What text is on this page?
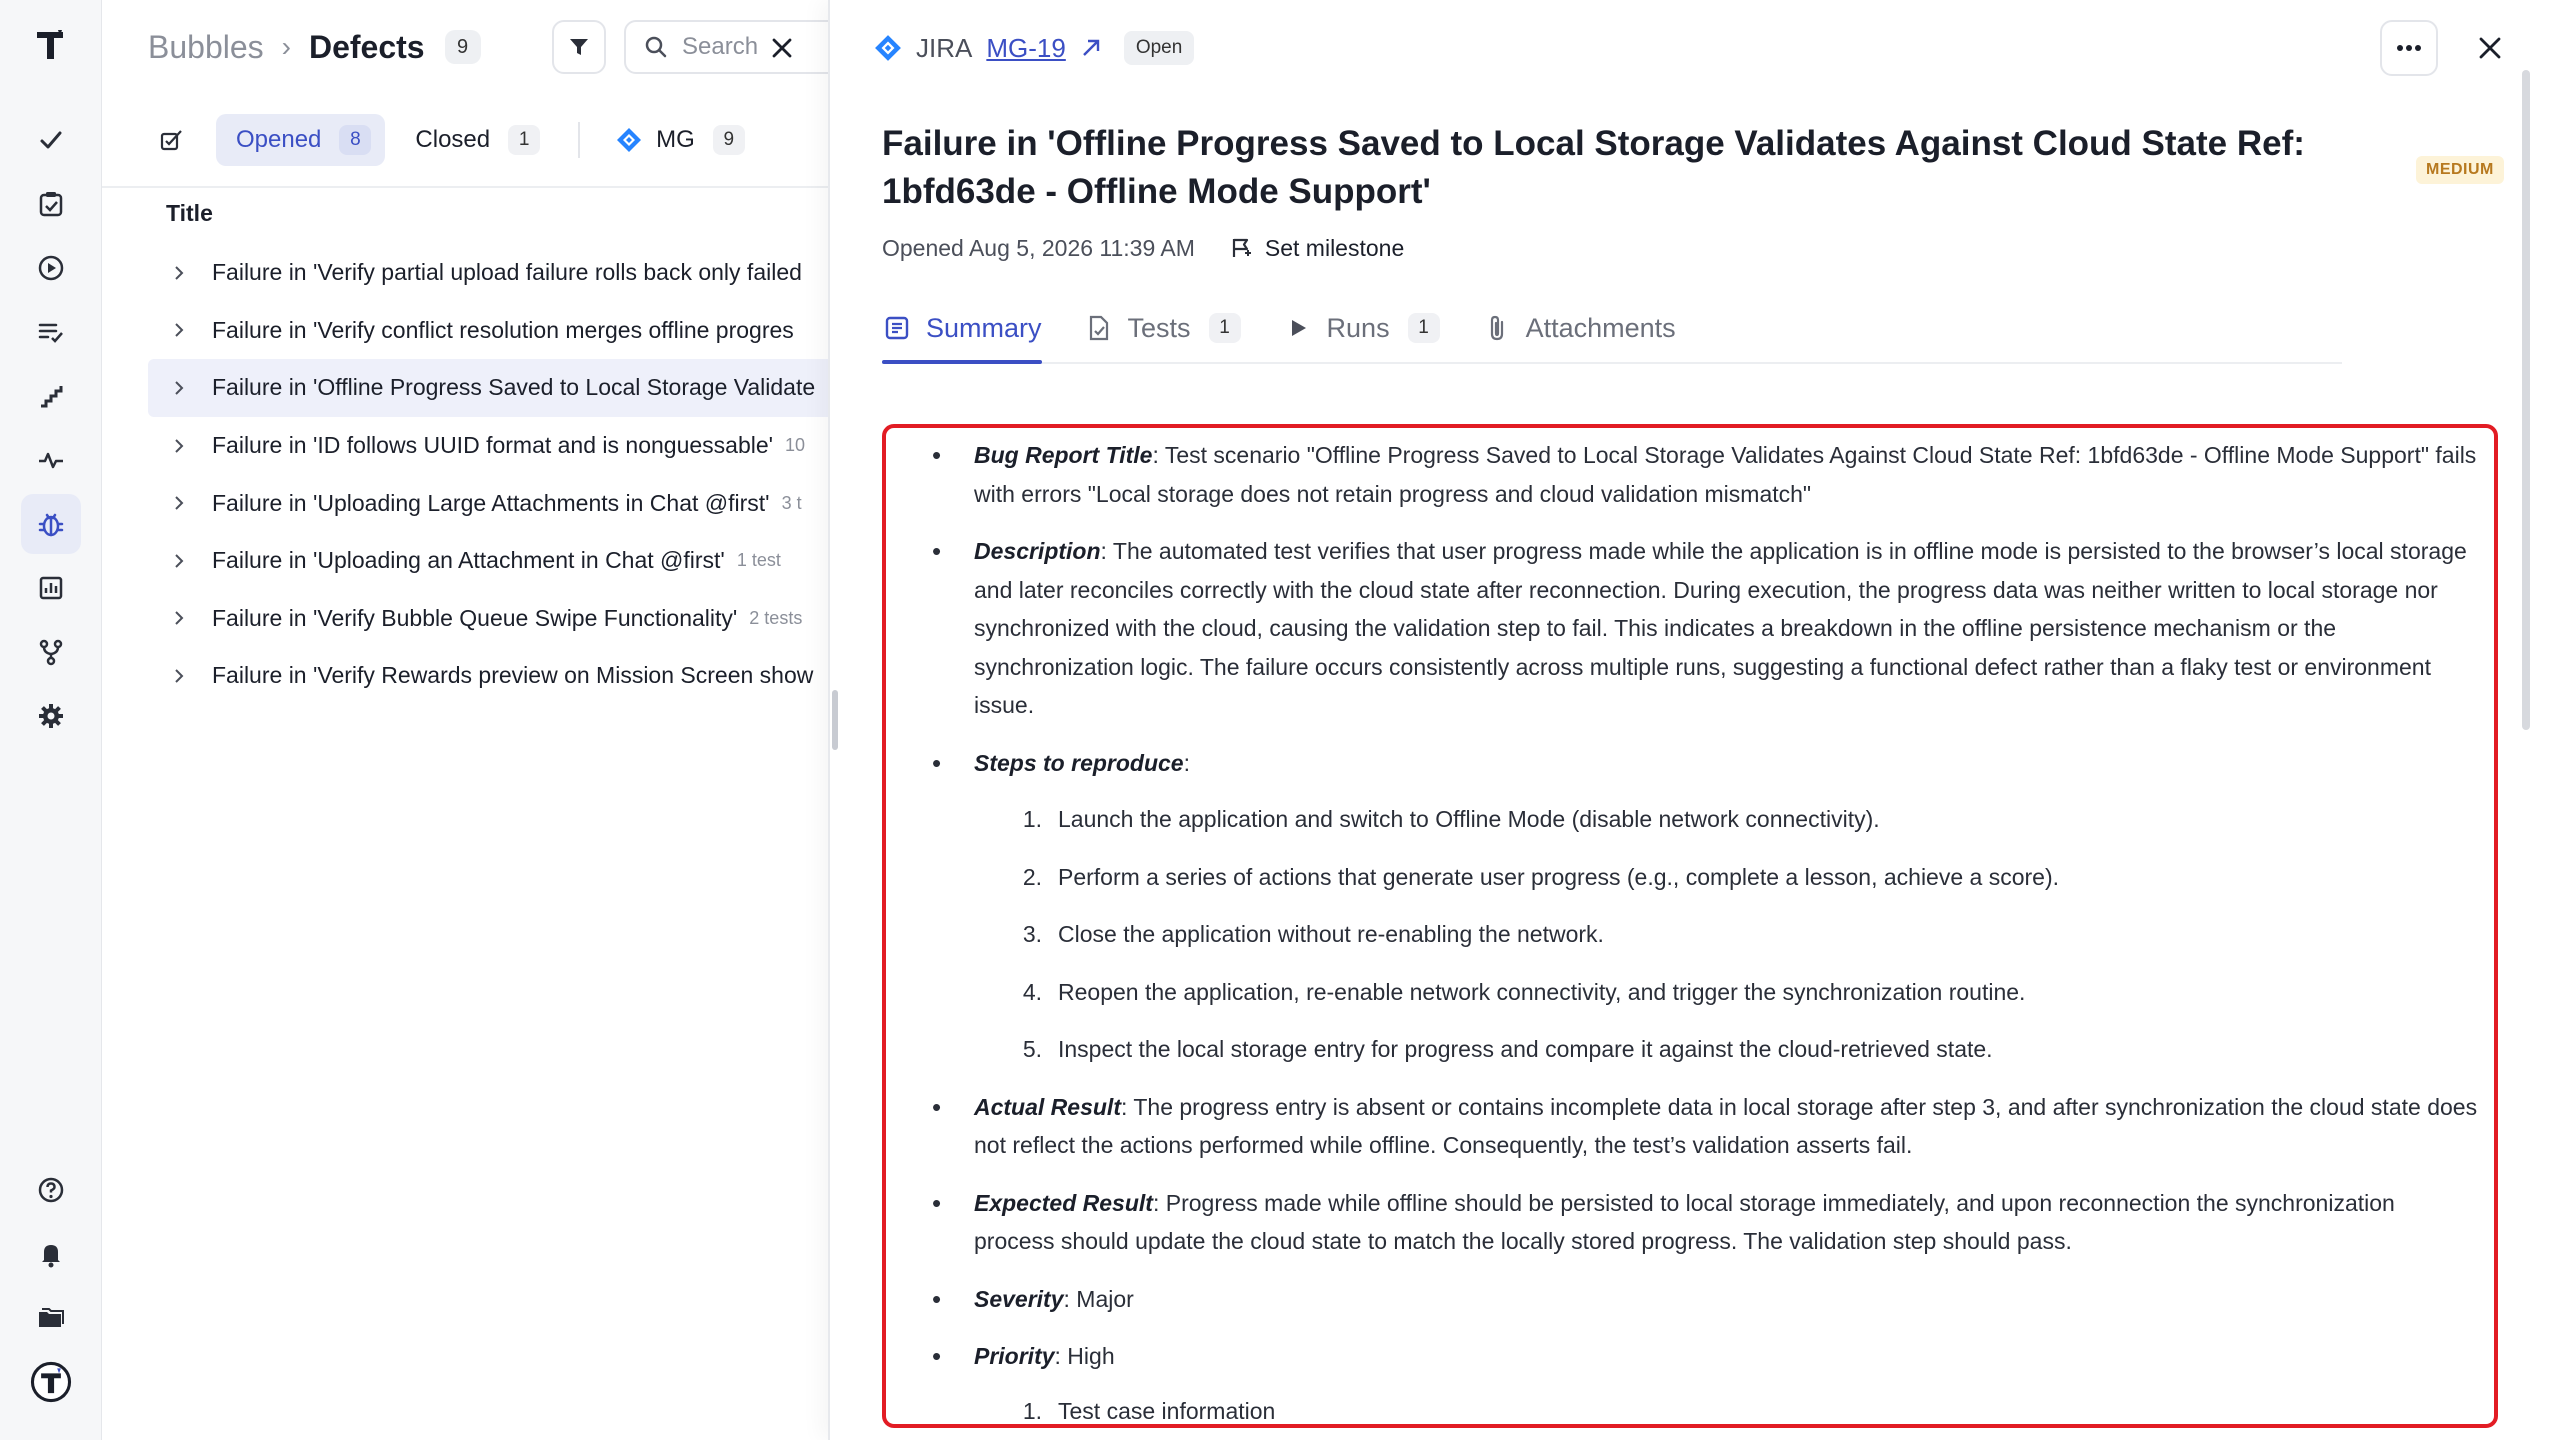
Bubbles › Defects	9
Search
Opened	8	Closed	1	MG	9
Title
Failure in 'Verify partial upload failure rolls back only failed
Failure in 'Verify conflict resolution merges offline progres
Failure in 'Offline Progress Saved to Local Storage Validate
Failure in 'ID follows UUID format and is nonguessable' 10
Failure in 'Uploading Large Attachments in Chat @first' 3 t
Failure in 'Uploading an Attachment in Chat @first' 1 test
Failure in 'Verify Bubble Queue Swipe Functionality' 2 tests
Failure in 'Verify Rewards preview on Mission Screen show
JIRA MG-19	Open
Failure in 'Offline Progress Saved to Local Storage Validates Against Cloud State Ref: 1bfd63de - Offline Mode Support'
MEDIUM
Opened Aug 5, 2026 11:39 AM	Set milestone
Summary	Tests	1	Runs	1	Attachments
• Bug Report Title: Test scenario "Offline Progress Saved to Local Storage Validates Against Cloud State Ref: 1bfd63de - Offline Mode Support" fails with errors "Local storage does not retain progress and cloud validation mismatch"
• Description: The automated test verifies that user progress made while the application is in offline mode is persisted to the browser’s local storage and later reconciles correctly with the cloud state after reconnection. During execution, the progress data was neither written to local storage nor synchronized with the cloud, causing the validation step to fail. This indicates a breakdown in the offline persistence mechanism or the synchronization logic. The failure occurs consistently across multiple runs, suggesting a functional defect rather than a flaky test or environment issue.
• Steps to reproduce:
1. Launch the application and switch to Offline Mode (disable network connectivity).
2. Perform a series of actions that generate user progress (e.g., complete a lesson, achieve a score).
3. Close the application without re-enabling the network.
4. Reopen the application, re-enable network connectivity, and trigger the synchronization routine.
5. Inspect the local storage entry for progress and compare it against the cloud-retrieved state.
• Actual Result: The progress entry is absent or contains incomplete data in local storage after step 3, and after synchronization the cloud state does not reflect the actions performed while offline. Consequently, the test’s validation asserts fail.
• Expected Result: Progress made while offline should be persisted to local storage immediately, and upon reconnection the synchronization process should update the cloud state to match the locally stored progress. The validation step should pass.
• Severity: Major
• Priority: High
1. Test case information
